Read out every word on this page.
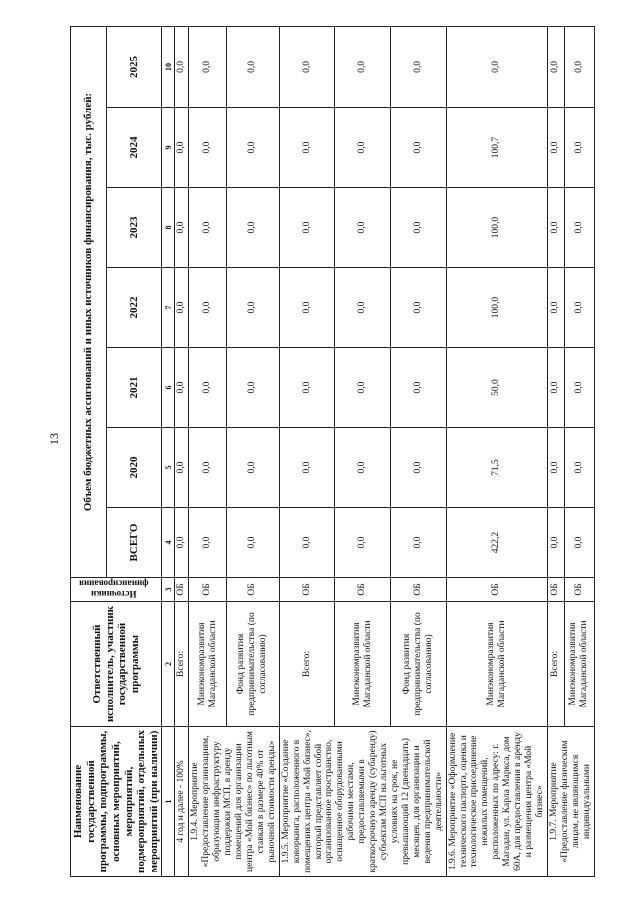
13
Наименование государственной программы, подпрограммы, основных мероприятий, мероприятий, подмероприятий, отдельных мероприятий (при наличии)	Ответственный исполнитель, участник государственной программы	Источники финансирования	Объем бюджетных ассигнований и иных источников финансирования, тыс. рублей:						
			ВСЕГО	2020	2021	2022	2023	2024	2025
1	2	3	4	5	6	7	8	9	10
4 год и далее - 100%	Всего:	ОБ	0,0	0,0	0,0	0,0	0,0	0,0	0,0
1.9.4. Мероприятие «Предоставление организациям, образующим инфраструктуру поддержки МСП, в аренду помещений для организации центра «Мой бизнес» по льготным ставкам в размере 40% от рыночной стоимости аренды»	Минэкономразвития Магаданской области	ОБ	0,0	0,0	0,0	0,0	0,0	0,0	0,0
	Фонд развития предпринимательства (по согласованию)	ОБ	0,0	0,0	0,0	0,0	0,0	0,0	0,0
1.9.5. Мероприятие «Создание коворкинга, расположенного в помещениях центра «Мой бизнес», который представляет собой организованное пространство, оснащенное оборудованными рабочими местами, предоставляемыми в краткосрочную аренду (субаренду) субъектам МСП на льготных условиях на срок, не превышающий 12 (двенадцать) месяцев, для организации и ведения предпринимательской деятельности»	Всего:	ОБ	0,0	0,0	0,0	0,0	0,0	0,0	0,0
	Минэкономразвития Магаданской области	ОБ	0,0	0,0	0,0	0,0	0,0	0,0	0,0
	Фонд развития предпринимательства (по согласованию)	ОБ	0,0	0,0	0,0	0,0	0,0	0,0	0,0
1.9.6. Мероприятие «Оформление технического паспорта, оценка и технологическое присоединение нежилых помещений, расположенных по адресу: г. Магадан, ул. Карла Маркса, дом 60А, для предоставления в аренду и размещения центра «Мой бизнес»	Минэкономразвития Магаданской области	ОБ	422,2	71,5	50,0	100,0	100,0	100,7	0,0
1.9.7. Мероприятие «Предоставление физическим лицам, не являющимся индивидуальными	Всего:	ОБ	0,0	0,0	0,0	0,0	0,0	0,0	0,0
	Минэкономразвития Магаданской области	ОБ	0,0	0,0	0,0	0,0	0,0	0,0	0,0
